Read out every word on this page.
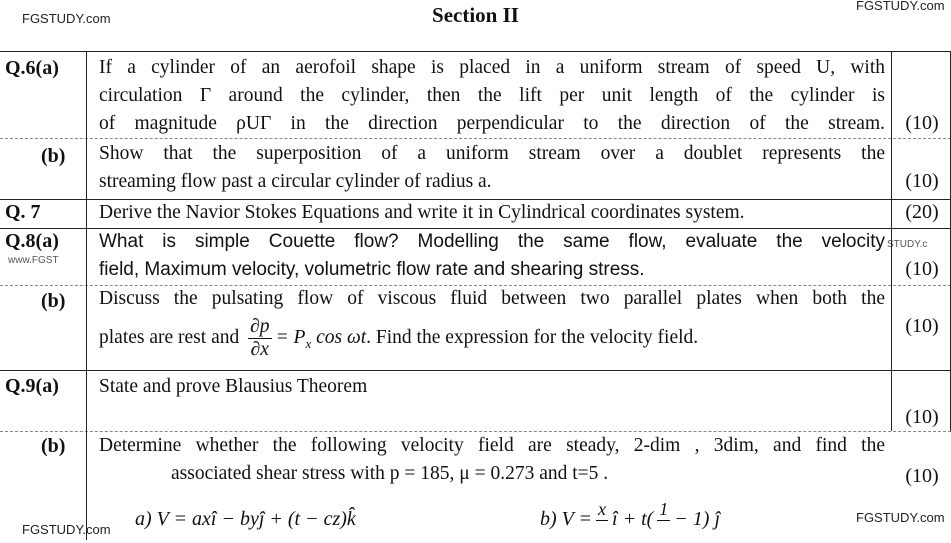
FGSTUDY.com
FGSTUDY.com
www.FGST
STUDY.c
FGSTUDY.com
FGSTUDY.com
Section II
Q.6(a) If a cylinder of an aerofoil shape is placed in a uniform stream of speed U, with
circulation Γ around the cylinder, then the lift per unit length of the cylinder is
of magnitude ρUΓ in the direction perpendicular to the direction of the stream.	(10)
(b) Show that the superposition of a uniform stream over a doublet represents the
streaming flow past a circular cylinder of radius a.	(10)
Q. 7	Derive the Navior Stokes Equations and write it in Cylindrical coordinates system.	(20)
Q.8(a) What is simple Couette flow? Modelling the same flow, evaluate the velocity
field, Maximum velocity, volumetric flow rate and shearing stress.	(10)
(b) Discuss the pulsating flow of viscous fluid between two parallel plates when both the
plates are rest and $\frac{\partial p}{\partial x} = P_x$ cos ωt. Find the expression for the velocity field.
(10)
Q.9(a) State and prove Blausius Theorem
(10)
(b) Determine whether the following velocity field are steady, 2-dim , 3dim, and find the
associated shear stress with p = 185, μ = 0.273 and t=5 .	(10)
a) V = axî − byĵ + (t − cz)k̂	b) V = x
î + t( 1
− 1) ĵ
